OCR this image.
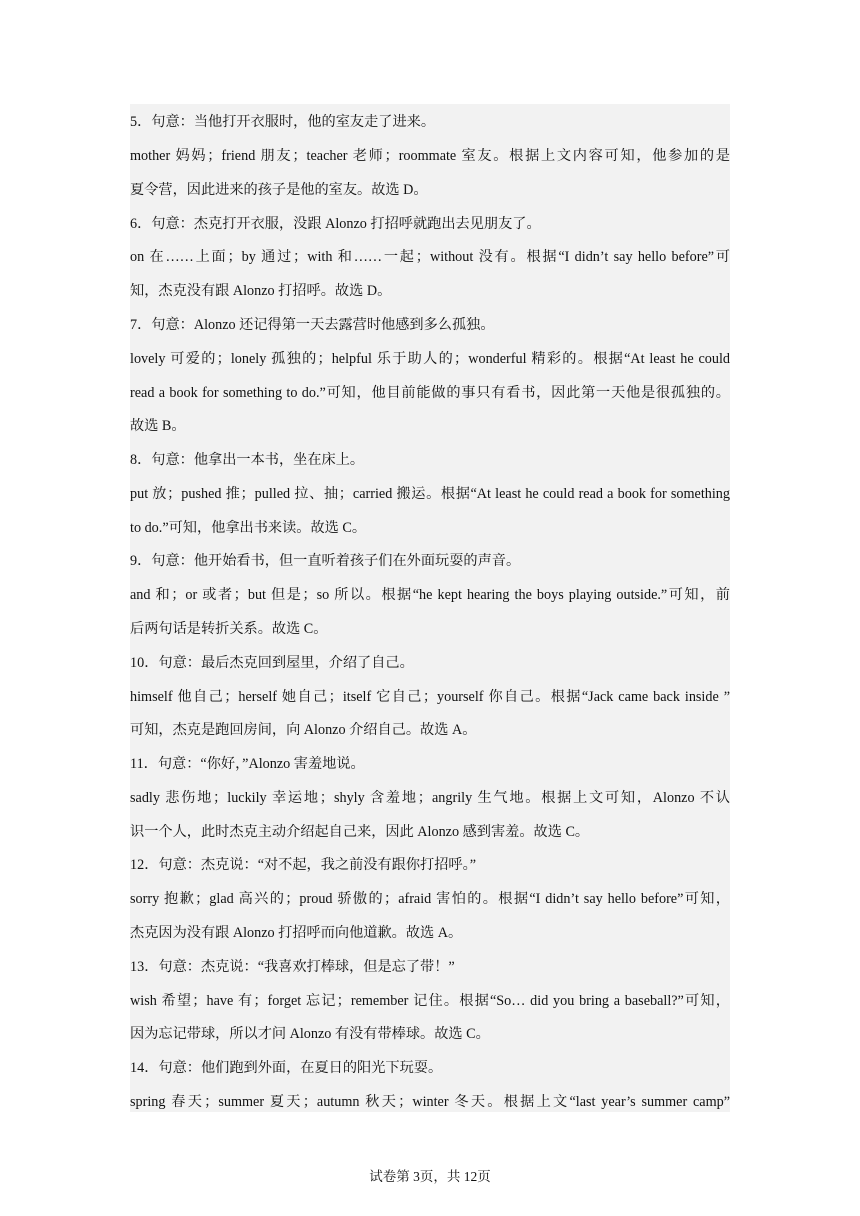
5．句意：当他打开衣服时，他的室友走了进来。
mother 妈妈；friend 朋友；teacher 老师；roommate 室友。根据上文内容可知，他参加的是
夏令营，因此进来的孩子是他的室友。故选 D。
6．句意：杰克打开衣服，没跟 Alonzo 打招呼就跑出去见朋友了。
on 在……上面；by 通过；with 和……一起；without 没有。根据“I didn’t say hello before”可
知，杰克没有跟 Alonzo 打招呼。故选 D。
7．句意：Alonzo 还记得第一天去露营时他感到多么孤独。
lovely 可爱的；lonely 孤独的；helpful 乐于助人的；wonderful 精彩的。根据“At least he could
read a book for something to do.”可知，他目前能做的事只有看书，因此第一天他是很孤独的。
故选 B。
8．句意：他拿出一本书，坐在床上。
put 放；pushed 推；pulled 拉、抽；carried 搬运。根据“At least he could read a book for something
to do.”可知，他拿出书来读。故选 C。
9．句意：他开始看书，但一直听着孩子们在外面玩耍的声音。
and 和；or 或者；but 但是；so 所以。根据“he kept hearing the boys playing outside.”可知，前
后两句话是转折关系。故选 C。
10．句意：最后杰克回到屋里，介绍了自己。
himself 他自己；herself 她自己；itself 它自己；yourself 你自己。根据“Jack came back inside ”
可知，杰克是跑回房间，向 Alonzo 介绍自己。故选 A。
11．句意：“你好，”Alonzo 害羞地说。
sadly 悲伤地；luckily 幸运地；shyly 含羞地；angrily 生气地。根据上文可知，Alonzo 不认
识一个人，此时杰克主动介绍起自己来，因此 Alonzo 感到害羞。故选 C。
12．句意：杰克说：“对不起，我之前没有跟你打招呼。”
sorry 抱歉；glad 高兴的；proud 骄傲的；afraid 害怕的。根据“I didn’t say hello before”可知，
杰克因为没有跟 Alonzo 打招呼而向他道歉。故选 A。
13．句意：杰克说：“我喜欢打棒球，但是忘了带！”
wish 希望；have 有；forget 忘记；remember 记住。根据“So… did you bring a baseball?”可知，
因为忘记带球，所以才问 Alonzo 有没有带棒球。故选 C。
14．句意：他们跑到外面，在夏日的阳光下玩耍。
spring 春天；summer 夏天；autumn 秋天；winter 冬天。根据上文“last year’s summer camp”
试卷第 3页，共 12页
